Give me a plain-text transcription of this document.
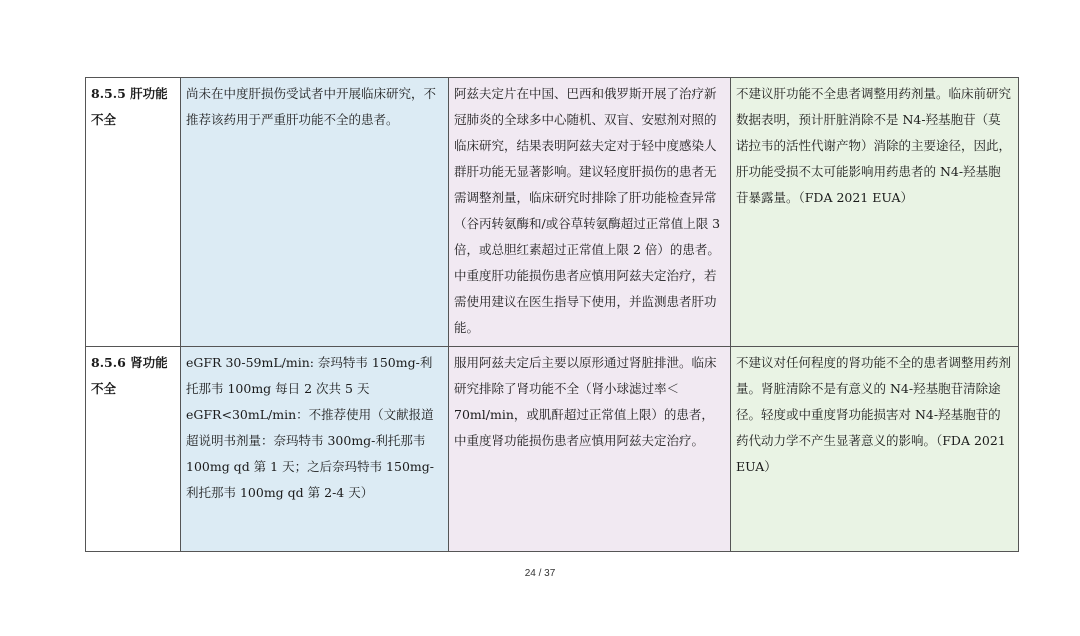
8.5.5 肝功能不全	尚未在中度肝损伤受试者中开展临床研究，不推荐该药用于严重肝功能不全的患者。	阿兹夫定片在中国、巴西和俄罗斯开展了治疗新冠肺炎的全球多中心随机、双盲、安慰剂对照的临床研究，结果表明阿兹夫定对于轻中度感染人群肝功能无显著影响。建议轻度肝损伤的患者无需调整剂量，临床研究时排除了肝功能检查异常（谷丙转氨酶和/或谷草转氨酶超过正常值上限 3 倍，或总胆红素超过正常值上限 2 倍）的患者。中重度肝功能损伤患者应慎用阿兹夫定治疗，若需使用建议在医生指导下使用，并监测患者肝功能。	不建议肝功能不全患者调整用药剂量。临床前研究数据表明，预计肝脏消除不是 N4-羟基胞苷（莫诺拉韦的活性代谢产物）消除的主要途径，因此，肝功能受损不太可能影响用药患者的 N4-羟基胞苷暴露量。（FDA 2021 EUA）

8.5.6 肾功能不全	eGFR 30-59mL/min: 奈玛特韦 150mg-利托那韦 100mg 每日 2 次共 5 天
eGFR<30mL/min：不推荐使用（文献报道超说明书剂量：奈玛特韦 300mg-利托那韦 100mg qd 第 1 天；之后奈玛特韦 150mg-利托那韦 100mg qd 第 2-4 天）	服用阿兹夫定后主要以原形通过肾脏排泄。临床研究排除了肾功能不全（肾小球滤过率＜70ml/min，或肌酐超过正常值上限）的患者，中重度肾功能损伤患者应慎用阿兹夫定治疗。	不建议对任何程度的肾功能不全的患者调整用药剂量。肾脏清除不是有意义的 N4-羟基胞苷清除途径。轻度或中重度肾功能损害对 N4-羟基胞苷的药代动力学不产生显著意义的影响。（FDA 2021 EUA）
24 / 37
